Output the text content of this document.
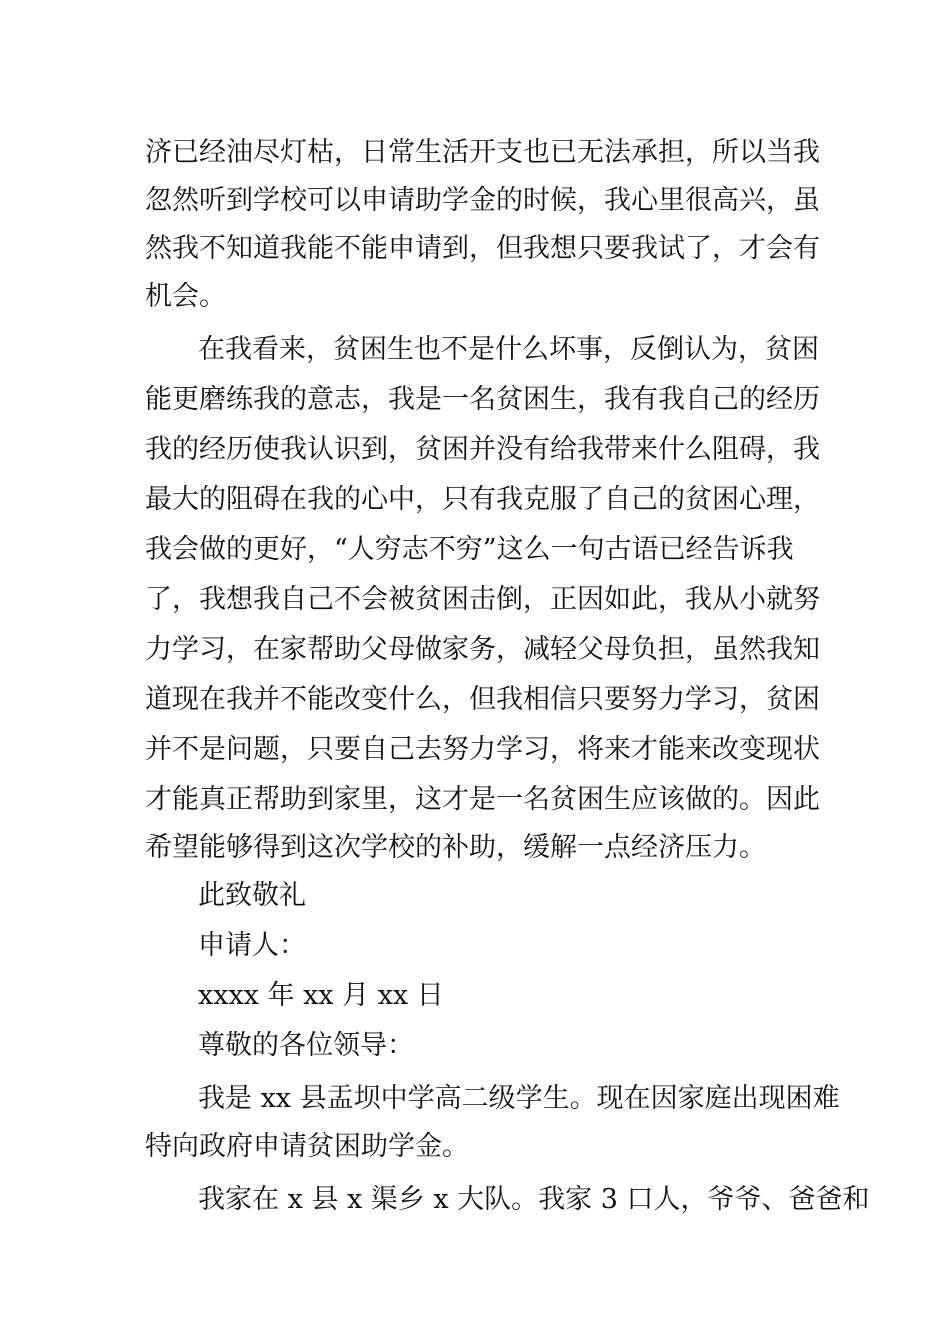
济已经油尽灯枯，日常生活开支也已无法承担，所以当我
忽然听到学校可以申请助学金的时候，我心里很高兴，虽
然我不知道我能不能申请到，但我想只要我试了，才会有
机会。
在我看来，贫困生也不是什么坏事，反倒认为，贫困
能更磨练我的意志，我是一名贫困生，我有我自己的经历
我的经历使我认识到，贫困并没有给我带来什么阻碍，我
最大的阻碍在我的心中，只有我克服了自己的贫困心理，
我会做的更好，“人穷志不穷”这么一句古语已经告诉我
了，我想我自己不会被贫困击倒，正因如此，我从小就努
力学习，在家帮助父母做家务，减轻父母负担，虽然我知
道现在我并不能改变什么，但我相信只要努力学习，贫困
并不是问题，只要自己去努力学习，将来才能来改变现状
才能真正帮助到家里，这才是一名贫困生应该做的。因此
希望能够得到这次学校的补助，缓解一点经济压力。
此致敬礼
申请人：
xxxx 年 xx 月 xx 日
尊敬的各位领导：
我是 xx 县盂坝中学高二级学生。现在因家庭出现困难
特向政府申请贫困助学金。
我家在 x 县 x 渠乡 x 大队。我家 3 口人，爷爷、爸爸和
